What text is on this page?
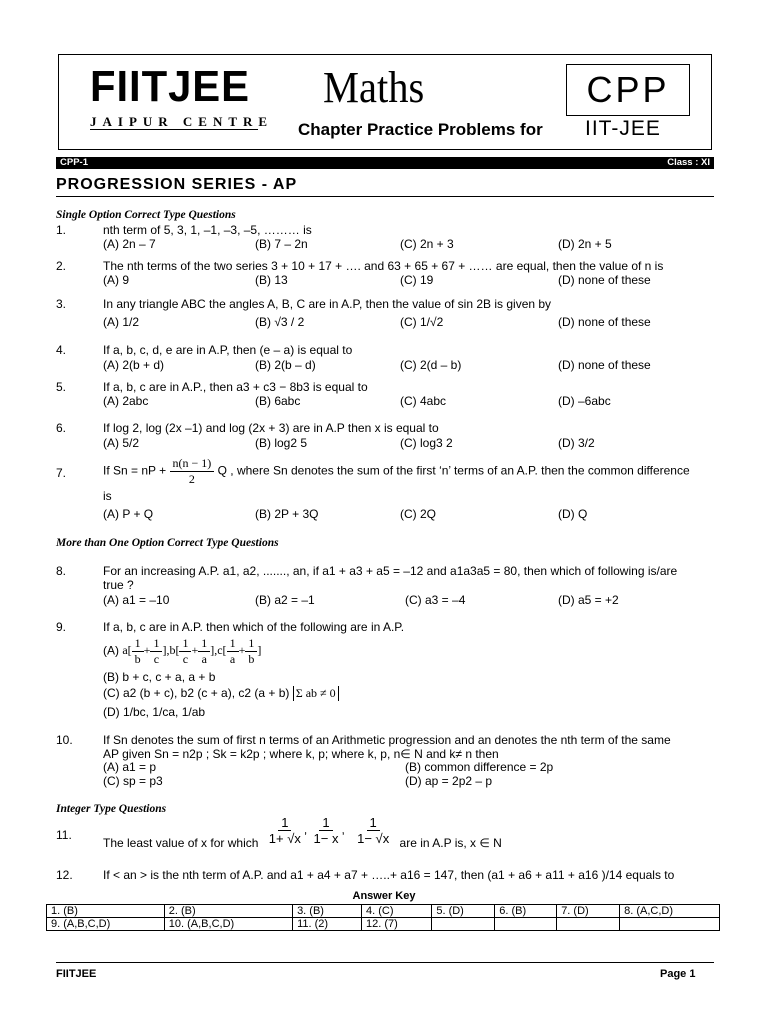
FIITJEE
JAIPUR CENTRE
Maths	CPP
Chapter Practice Problems for IIT-JEE
CPP-1	Class : XI
PROGRESSION SERIES - AP
Single Option Correct Type Questions
1.	nth term of 5, 3, 1, –1, –3, –5, ……… is
(A) 2n – 7	(B) 7 – 2n	(C) 2n + 3	(D) 2n + 5
2.	The nth terms of the two series 3 + 10 + 17 + …. and 63 + 65 + 67 + …… are equal, then the value of n is
(A) 9	(B) 13	(C) 19	(D) none of these
3.	In any triangle ABC the angles A, B, C are in A.P, then the value of sin 2B is given by
(A) 1/2	(B) √3 / 2	(C) 1/√2	(D) none of these
4.	If a, b, c, d, e are in A.P, then (e – a) is equal to
(A) 2(b + d)	(B) 2(b – d)	(C) 2(d – b)	(D) none of these
5.	If a, b, c are in A.P., then a3 + c3 − 8b3 is equal to
(A) 2abc	(B) 6abc	(C) 4abc	(D) –6abc
6.	If log 2, log (2x –1) and log (2x + 3) are in A.P then x is equal to
(A) 5/2	(B) log2 5	(C) log3 2	(D) 3/2
7.	If Sn = nP + $\frac{n(n - 1)}{2}$ Q , where Sn denotes the sum of the first ‘n’ terms of an A.P. then the common difference
is
(A) P + Q	(B) 2P + 3Q	(C) 2Q	(D) Q
More than One Option Correct Type Questions
8.	For an increasing A.P. a1, a2, ......., an, if a1 + a3 + a5 = –12 and a1a3a5 = 80, then which of following is/are
true ?
(A) a1 = –10	(B) a2 = –1	(C) a3 = –4	(D) a5 = +2
9.	If a, b, c are in A.P. then which of the following are in A.P.
(A) $a[ \frac{1}{b} + \frac{1}{c} ],b[ \frac{1}{c} + \frac{1}{a} ],c[ \frac{1}{a} + \frac{1}{b}$ ]
(B) b + c, c + a, a + b
(C) a2 (b + c), b2 (c + a), c2 (a + b) Σ ab ≠ 0
(D) 1/bc, 1/ca, 1/ab
10.	If Sn denotes the sum of first n terms of an Arithmetic progression and an denotes the nth term of the same
AP given Sn = n2p ; Sk = k2p ; where k, p; where k, p, n∈ N and k≠ n then
(A) a1 = p	(B) common difference = 2p
(C) sp = p3	(D) ap = 2p2 – p
Integer Type Questions
11.
The least value of x for which $\frac{1}{1+ √x}$ , $\frac{1}{1- x}$ , $\frac{1}{1- √x}$ are in A.P is, x ∈ N
12.	If < an > is the nth term of A.P. and a1 + a4 + a7 + …..+ a16 = 147, then (a1 + a6 + a11 + a16 )/14 equals to
Answer Key
1. (B)	2. (B)	3. (B)	4. (C)	5. (D)	6. (B)	7. (D)	8. (A,C,D)
9. (A,B,C,D)	10. (A,B,C,D)	11. (2)	12. (7)				
FIITJEE	Page 1
